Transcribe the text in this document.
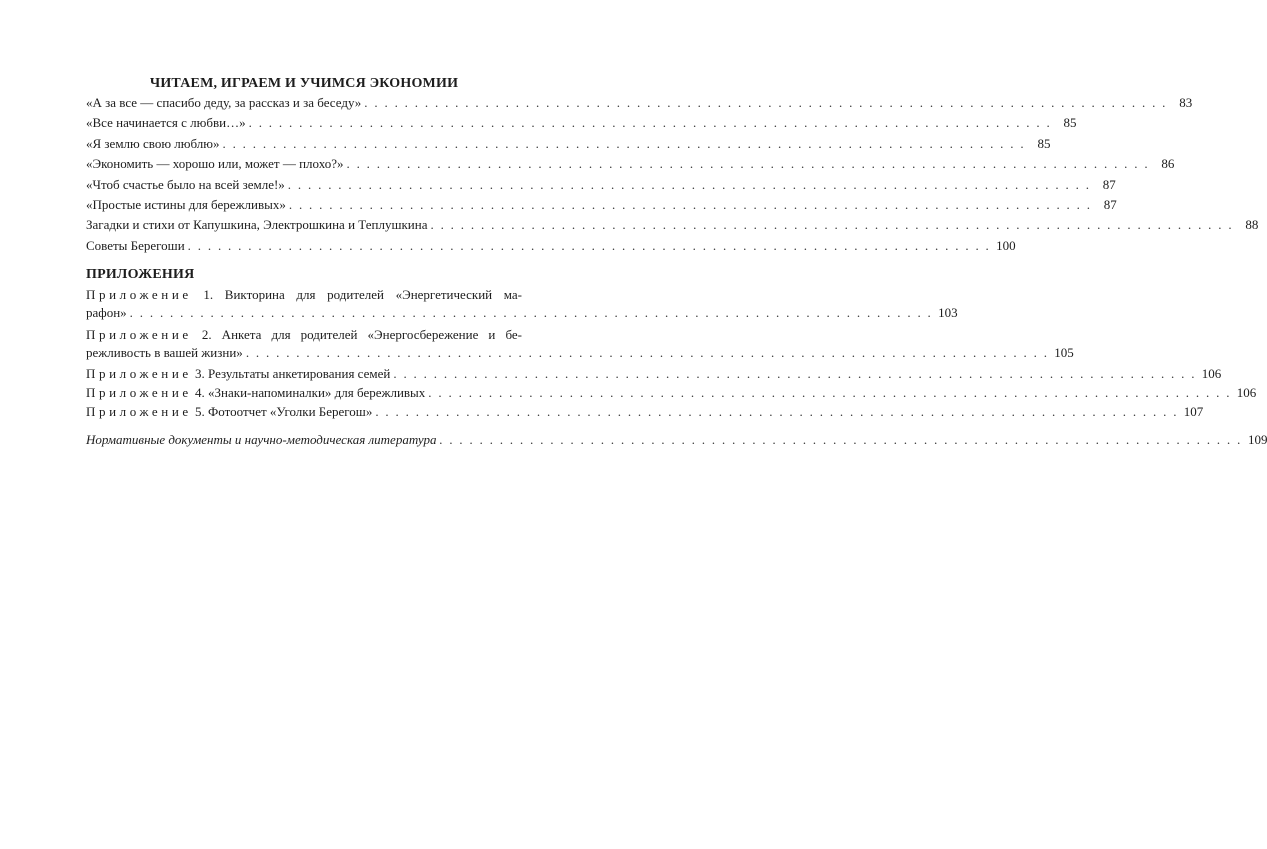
ЧИТАЕМ, ИГРАЕМ И УЧИМСЯ ЭКОНОМИИ
«А за все — спасибо деду, за рассказ и за беседу» . . . . . . . . . . . . . . . . . . . . . . . . . . . . . . . . . . . . . . . . . . . . . . . . . . . . . . . . . . . . . . . . . . . . . . . . . . . . . . . . 83
«Все начинается с любви…» . . . . . . . . . . . . . . . . . . . . . . . . . . . . . . . . . . . . . . . . . . . . . . . . . . . . . . . . . . . . . . . . . . . . . . . . . . . . . . . . 85
«Я землю свою люблю» . . . . . . . . . . . . . . . . . . . . . . . . . . . . . . . . . . . . . . . . . . . . . . . . . . . . . . . . . . . . . . . . . . . . . . . . . . . . . . . . 85
«Экономить — хорошо или, может — плохо?» . . . . . . . . . . . . . . . . . . . . . . . . . . . . . . . . . . . . . . . . . . . . . . . . . . . . . . . . . . . . . . . . . . . . . . . . . . . . . . . . 86
«Чтоб счастье было на всей земле!» . . . . . . . . . . . . . . . . . . . . . . . . . . . . . . . . . . . . . . . . . . . . . . . . . . . . . . . . . . . . . . . . . . . . . . . . . . . . . . . . 87
«Простые истины для бережливых» . . . . . . . . . . . . . . . . . . . . . . . . . . . . . . . . . . . . . . . . . . . . . . . . . . . . . . . . . . . . . . . . . . . . . . . . . . . . . . . . 87
Загадки и стихи от Капушкина, Электрошкина и Теплушкина . . . . . . . . . . . . . . . . . . . . . . . . . . . . . . . . . . . . . . . . . . . . . . . . . . . . . . . . . . . . . . . . . . . . . . . . . . . . . . . . 88
Советы Берегоши . . . . . . . . . . . . . . . . . . . . . . . . . . . . . . . . . . . . . . . . . . . . . . . . . . . . . . . . . . . . . . . . . . . . . . . . . . . . . . . . 100
ПРИЛОЖЕНИЯ
Приложение 1. Викторина для родителей «Энергетический ма-
рафон» . . . . . . . . . . . . . . . . . . . . . . . . . . . . . . . . . . . . . . . . . . . . . . . . . . . . . . . . . . . . . . . . . . . . . . . . . . . . . . . . 103
Приложение 2. Анкета для родителей «Энергосбережение и бе-
режливость в вашей жизни» . . . . . . . . . . . . . . . . . . . . . . . . . . . . . . . . . . . . . . . . . . . . . . . . . . . . . . . . . . . . . . . . . . . . . . . . . . . . . . . . 105
Приложение 3. Результаты анкетирования семей . . . . . . . . . . . . . . . . . . . . . . . . . . . . . . . . . . . . . . . . . . . . . . . . . . . . . . . . . . . . . . . . . . . . . . . . . . . . . . . . 106
Приложение 4. «Знаки-напоминалки» для бережливых . . . . . . . . . . . . . . . . . . . . . . . . . . . . . . . . . . . . . . . . . . . . . . . . . . . . . . . . . . . . . . . . . . . . . . . . . . . . . . . . 106
Приложение 5. Фотоотчет «Уголки Берегош» . . . . . . . . . . . . . . . . . . . . . . . . . . . . . . . . . . . . . . . . . . . . . . . . . . . . . . . . . . . . . . . . . . . . . . . . . . . . . . . . 107
Нормативные документы и научно-методическая литература . . . . . . . . . . . . . . . . . . . . . . . . . . . . . . . . . . . . . . . . . . . . . . . . . . . . . . . . . . . . . . . . . . . . . . . . . . . . . . . . 109
